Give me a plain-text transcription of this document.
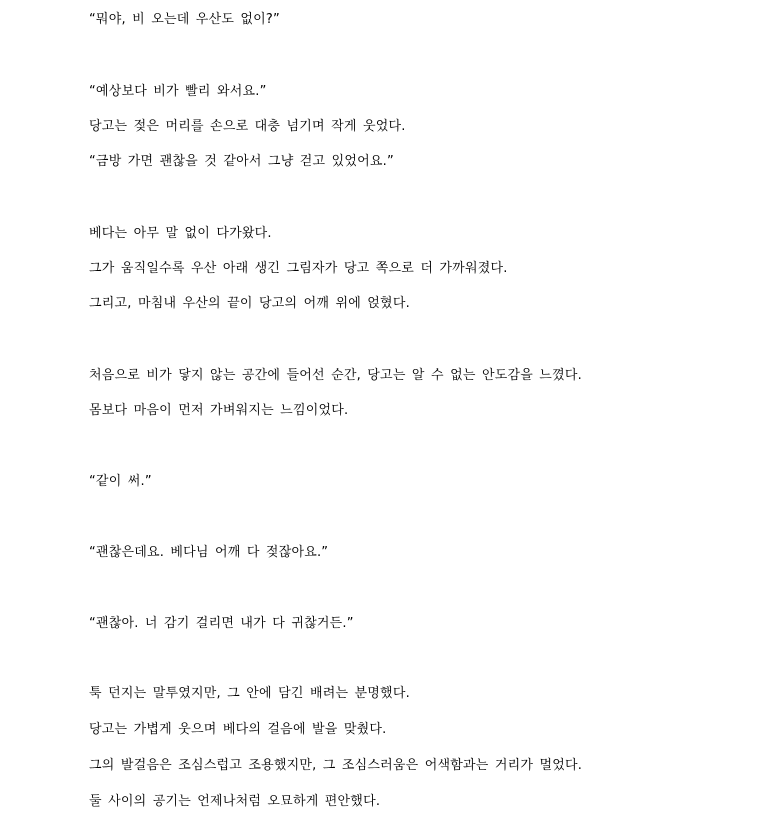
“뭐야, 비 오는데 우산도 없이?”

“예상보다 비가 빨리 와서요.”

당고는 젖은 머리를 손으로 대충 넘기며 작게 웃었다.

“금방 가면 괜찮을 것 같아서 그냥 걷고 있었어요.”

베다는 아무 말 없이 다가왔다.

그가 움직일수록 우산 아래 생긴 그림자가 당고 쪽으로 더 가까워졌다.

그리고, 마침내 우산의 끝이 당고의 어깨 위에 얹혔다.

처음으로 비가 닿지 않는 공간에 들어선 순간, 당고는 알 수 없는 안도감을 느꼈다.

몸보다 마음이 먼저 가벼워지는 느낌이었다.

“같이 써.”

“괜찮은데요. 베다님 어깨 다 젖잖아요.”

“괜찮아. 너 감기 걸리면 내가 다 귀찮거든.”

툭 던지는 말투였지만, 그 안에 담긴 배려는 분명했다.

당고는 가볍게 웃으며 베다의 걸음에 발을 맞췄다.

그의 발걸음은 조심스럽고 조용했지만, 그 조심스러움은 어색함과는 거리가 멀었다.

둘 사이의 공기는 언제나처럼 오묘하게 편안했다.
